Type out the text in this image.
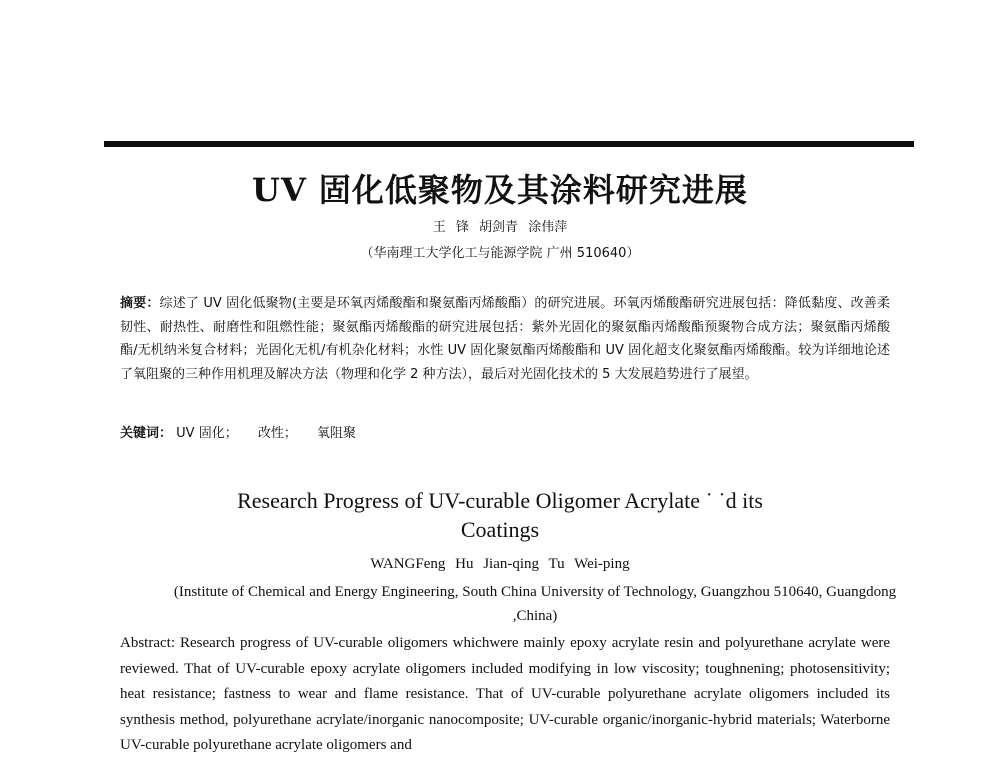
UV 固化低聚物及其涂料研究进展
王 锋 胡剑青 涂伟萍
（华南理工大学化工与能源学院 广州 510640）
摘要：综述了 UV 固化低聚物(主要是环氧丙烯酸酯和聚氨酯丙烯酸酯）的研究进展。环氧丙烯酸酯研究进展包括：降低黏度、改善柔韧性、耐热性、耐磨性和阻燃性能；聚氨酯丙烯酸酯的研究进展包括：紫外光固化的聚氨酯丙烯酸酯预聚物合成方法；聚氨酯丙烯酸酯/无机纳米复合材料；光固化无机/有机杂化材料；水性 UV 固化聚氨酯丙烯酸酯和 UV 固化超支化聚氨酯丙烯酸酯。较为详细地论述了氧阻聚的三种作用机理及解决方法（物理和化学 2 种方法），最后对光固化技术的 5 大发展趋势进行了展望。
关键词： UV 固化； 改性； 氧阻聚
Research Progress of UV-curable Oligomer Acrylate ˙ ˙d its Coatings
WANGFeng Hu Jian-qing Tu Wei-ping
(Institute of Chemical and Energy Engineering, South China University of Technology, Guangzhou 510640, Guangdong ,China)
Abstract: Research progress of UV-curable oligomers whichwere mainly epoxy acrylate resin and polyurethane acrylate were reviewed. That of UV-curable epoxy acrylate oligomers included modifying in low viscosity; toughnening; photosensitivity; heat resistance; fastness to wear and flame resistance. That of UV-curable polyurethane acrylate oligomers included its synthesis method, polyurethane acrylate/inorganic nanocomposite; UV-curable organic/inorganic-hybrid materials; Waterborne UV-curable polyurethane acrylate oligomers and
